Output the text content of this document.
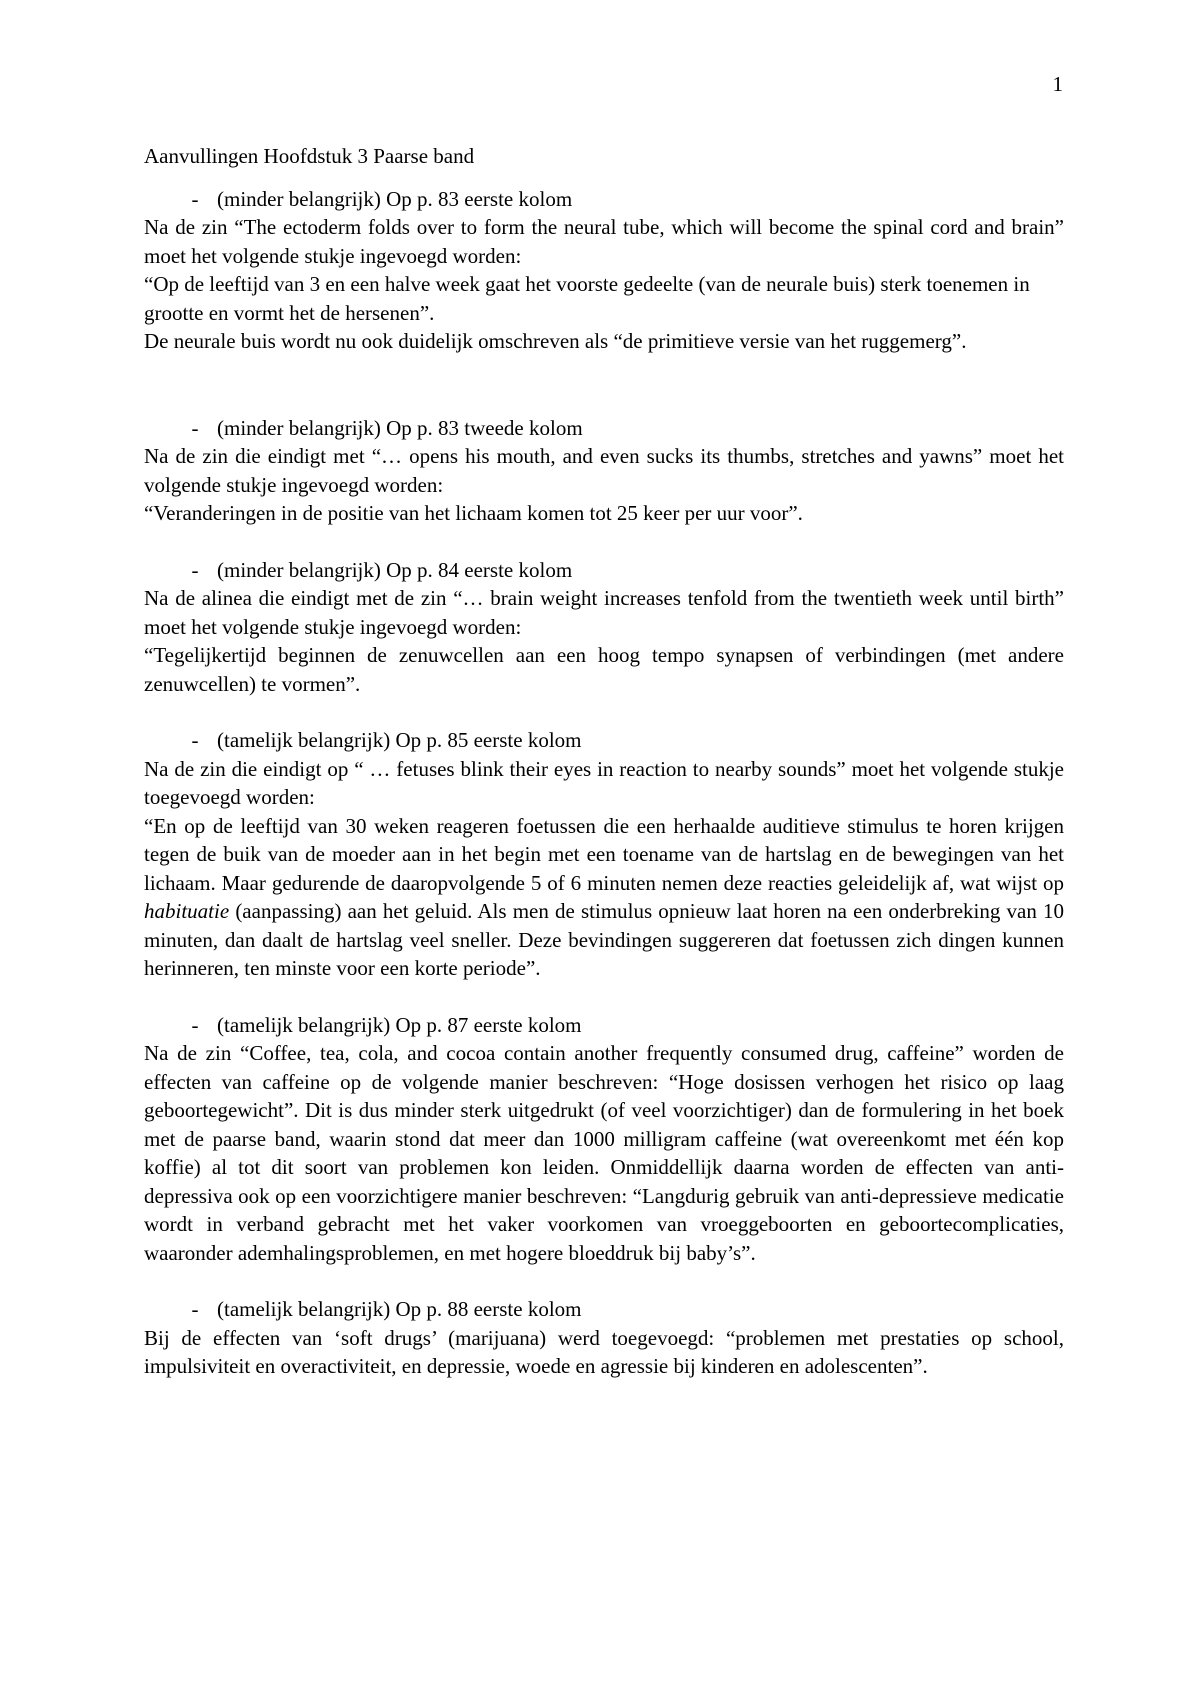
1

Aanvullingen Hoofdstuk 3 Paarse band

- (minder belangrijk) Op p. 83 eerste kolom

Na de zin “The ectoderm folds over to form the neural tube, which will become the spinal cord and brain” moet het volgende stukje ingevoegd worden:

“Op de leeftijd van 3 en een halve week gaat het voorste gedeelte (van de neurale buis) sterk toenemen in grootte en vormt het de hersenen”.

De neurale buis wordt nu ook duidelijk omschreven als “de primitieve versie van het ruggemerg”.

- (minder belangrijk) Op p. 83 tweede kolom

Na de zin die eindigt met “… opens his mouth, and even sucks its thumbs, stretches and yawns” moet het volgende stukje ingevoegd worden:

“Veranderingen in de positie van het lichaam komen tot 25 keer per uur voor”.

- (minder belangrijk) Op p. 84 eerste kolom

Na de alinea die eindigt met de zin “… brain weight increases tenfold from the twentieth week until birth” moet het volgende stukje ingevoegd worden:

“Tegelijkertijd beginnen de zenuwcellen aan een hoog tempo synapsen of verbindingen (met andere zenuwcellen) te vormen”.

- (tamelijk belangrijk) Op p. 85 eerste kolom

Na de zin die eindigt op “ … fetuses blink their eyes in reaction to nearby sounds” moet het volgende stukje toegevoegd worden:

“En op de leeftijd van 30 weken reageren foetussen die een herhaalde auditieve stimulus te horen krijgen tegen de buik van de moeder aan in het begin met een toename van de hartslag en de bewegingen van het lichaam. Maar gedurende de daaropvolgende 5 of 6 minuten nemen deze reacties geleidelijk af, wat wijst op habituatie (aanpassing) aan het geluid. Als men de stimulus opnieuw laat horen na een onderbreking van 10 minuten, dan daalt de hartslag veel sneller. Deze bevindingen suggereren dat foetussen zich dingen kunnen herinneren, ten minste voor een korte periode”.

- (tamelijk belangrijk) Op p. 87 eerste kolom

Na de zin “Coffee, tea, cola, and cocoa contain another frequently consumed drug, caffeine” worden de effecten van caffeine op de volgende manier beschreven: “Hoge dosissen verhogen het risico op laag geboortegewicht”. Dit is dus minder sterk uitgedrukt (of veel voorzichtiger) dan de formulering in het boek met de paarse band, waarin stond dat meer dan 1000 milligram caffeine (wat overeenkomt met één kop koffie) al tot dit soort van problemen kon leiden. Onmiddellijk daarna worden de effecten van anti-depressiva ook op een voorzichtigere manier beschreven: “Langdurig gebruik van anti-depressieve medicatie wordt in verband gebracht met het vaker voorkomen van vroeggeboorten en geboortecomplicaties, waaronder ademhalingsproblemen, en met hogere bloeddruk bij baby’s”.

- (tamelijk belangrijk) Op p. 88 eerste kolom

Bij de effecten van ‘soft drugs’ (marijuana) werd toegevoegd: “problemen met prestaties op school, impulsiviteit en overactiviteit, en depressie, woede en agressie bij kinderen en adolescenten”.
